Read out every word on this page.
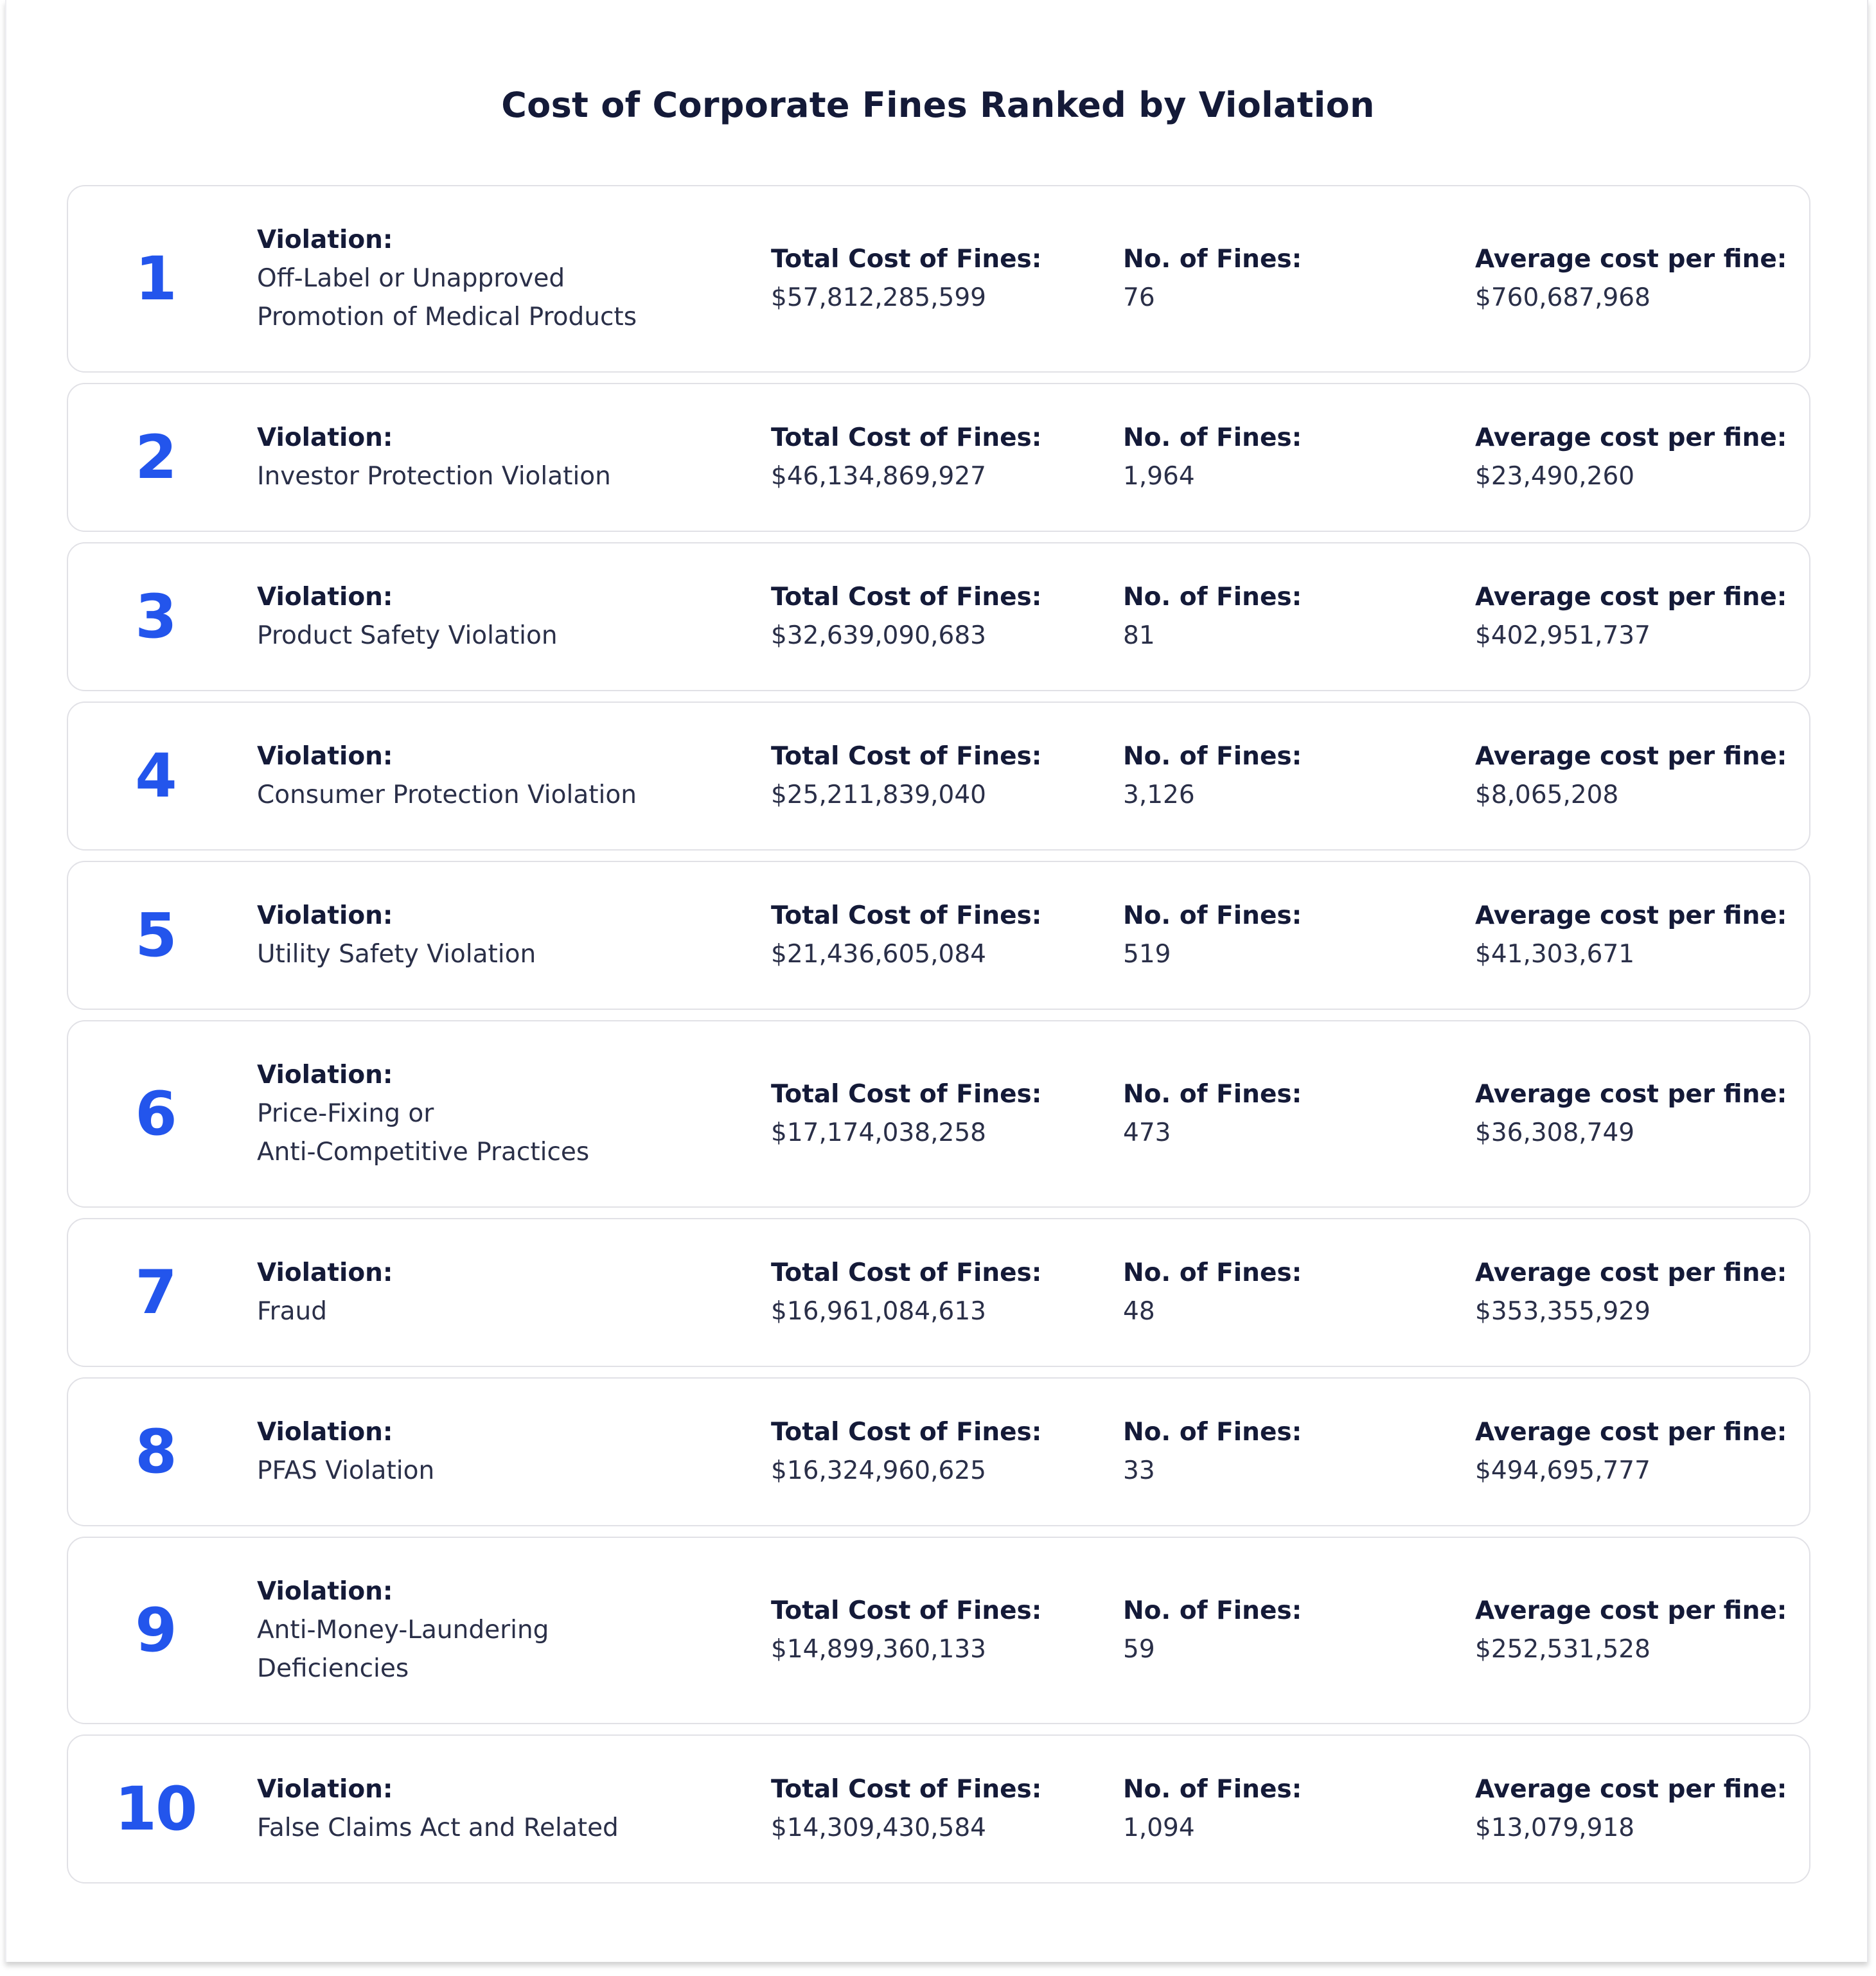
Cost of Corporate Fines Ranked by Violation
1
Violation:
Off-Label or Unapproved
Promotion of Medical Products
Total Cost of Fines:
$57,812,285,599
No. of Fines:
76
Average cost per fine:
$760,687,968
2	Violation:
Investor Protection Violation
Total Cost of Fines:
$46,134,869,927
No. of Fines:
1,964
Average cost per fine:
$23,490,260
3	Violation:
Product Safety Violation
Total Cost of Fines:
$32,639,090,683
No. of Fines:
81
Average cost per fine:
$402,951,737
4	Violation:
Consumer Protection Violation
Total Cost of Fines:
$25,211,839,040
No. of Fines:
3,126
Average cost per fine:
$8,065,208
5	Violation:
Utility Safety Violation
Total Cost of Fines:
$21,436,605,084
No. of Fines:
519
Average cost per fine:
$41,303,671
6
Violation:
Price-Fixing or
Anti-Competitive Practices
Total Cost of Fines:
$17,174,038,258
No. of Fines:
473
Average cost per fine:
$36,308,749
7	Violation:
Fraud
Total Cost of Fines:
$16,961,084,613
No. of Fines:
48
Average cost per fine:
$353,355,929
8	Violation:
PFAS Violation
Total Cost of Fines:
$16,324,960,625
No. of Fines:
33
Average cost per fine:
$494,695,777
9
Violation:
Anti-Money-Laundering
Deficiencies
Total Cost of Fines:
$14,899,360,133
No. of Fines:
59
Average cost per fine:
$252,531,528
10	Violation:
False Claims Act and Related
Total Cost of Fines:
$14,309,430,584
No. of Fines:
1,094
Average cost per fine:
$13,079,918
